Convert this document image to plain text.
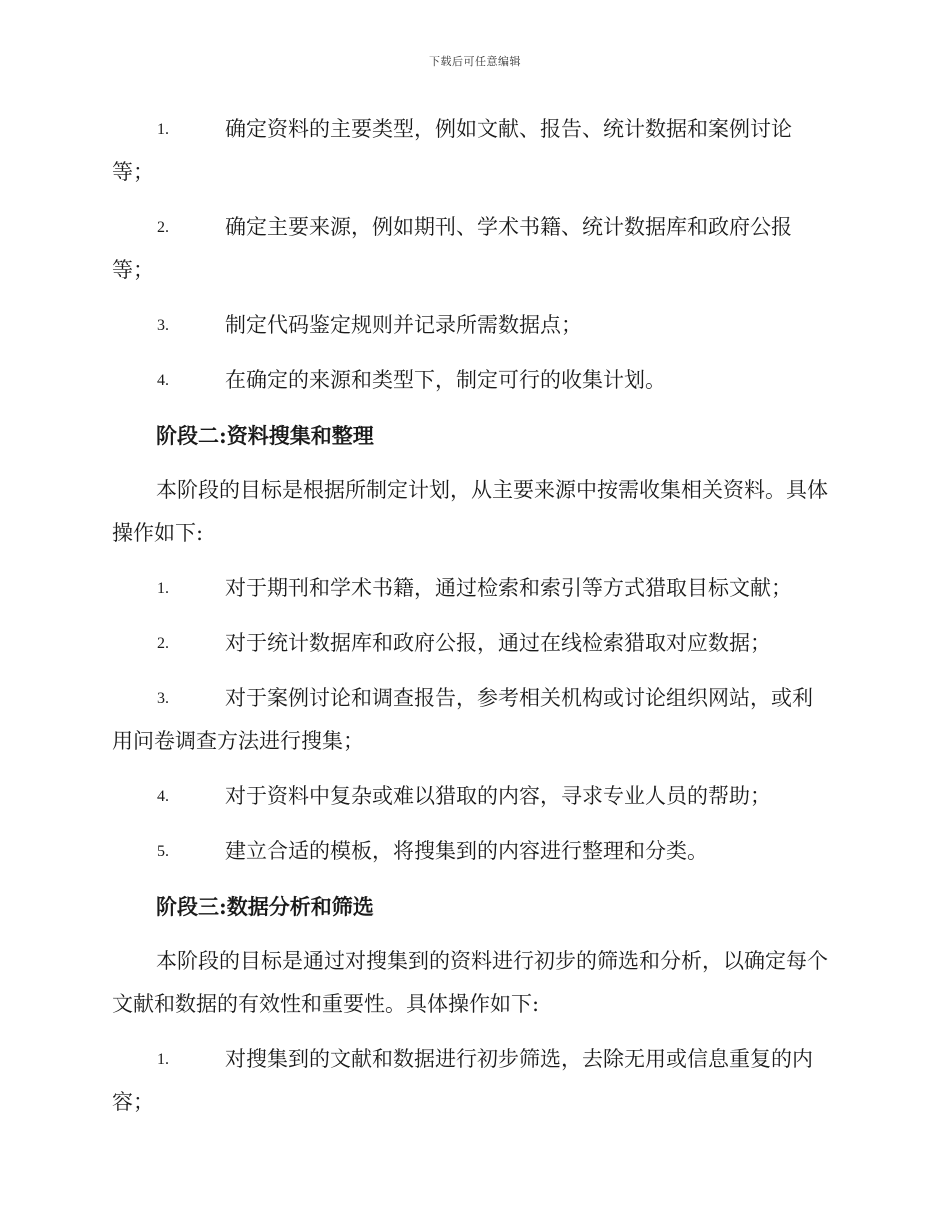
下载后可任意编辑
1.	确定资料的主要类型，例如文献、报告、统计数据和案例讨论等；
2.	确定主要来源，例如期刊、学术书籍、统计数据库和政府公报等；
3.	制定代码鉴定规则并记录所需数据点；
4.	在确定的来源和类型下，制定可行的收集计划。
阶段二:资料搜集和整理

本阶段的目标是根据所制定计划，从主要来源中按需收集相关资料。具体操作如下:

1.	对于期刊和学术书籍，通过检索和索引等方式猎取目标文献；
2.	对于统计数据库和政府公报，通过在线检索猎取对应数据；
3.	对于案例讨论和调查报告，参考相关机构或讨论组织网站，或利用问卷调查方法进行搜集；
4.	对于资料中复杂或难以猎取的内容，寻求专业人员的帮助；
5.	建立合适的模板，将搜集到的内容进行整理和分类。
阶段三:数据分析和筛选

本阶段的目标是通过对搜集到的资料进行初步的筛选和分析，以确定每个文献和数据的有效性和重要性。具体操作如下:

1.	对搜集到的文献和数据进行初步筛选，去除无用或信息重复的内容；
